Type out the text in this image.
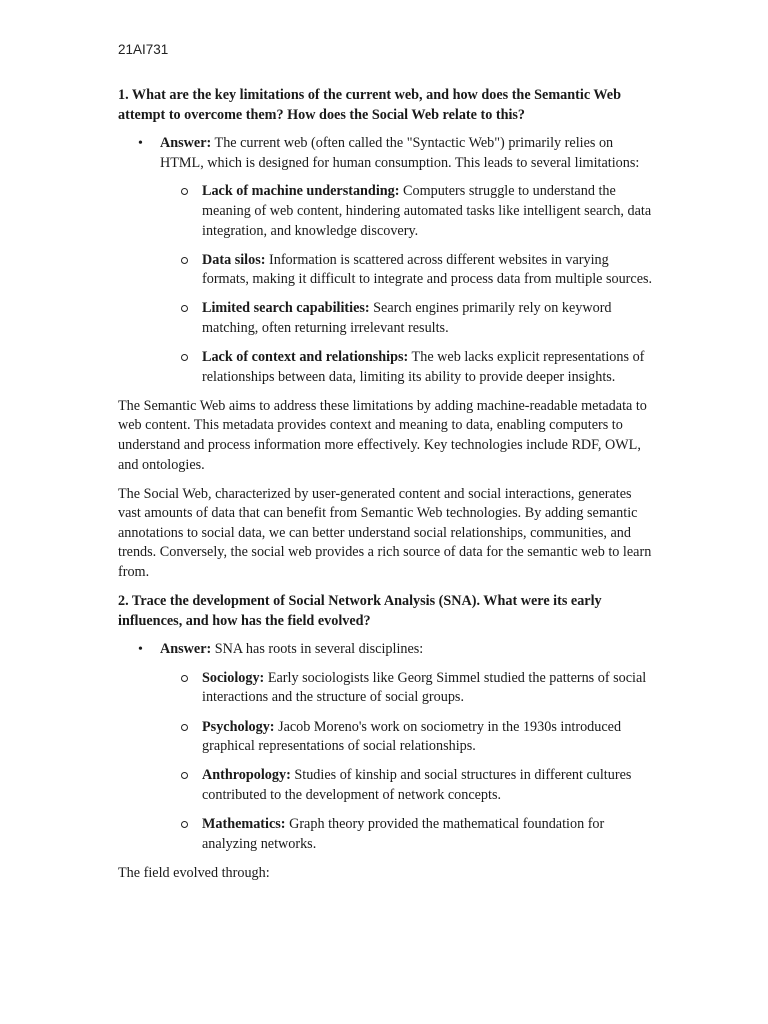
21AI731

1. What are the key limitations of the current web, and how does the Semantic Web attempt to overcome them? How does the Social Web relate to this?

• Answer: The current web (often called the "Syntactic Web") primarily relies on HTML, which is designed for human consumption. This leads to several limitations:
Lack of machine understanding: Computers struggle to understand the meaning of web content, hindering automated tasks like intelligent search, data integration, and knowledge discovery.
Data silos: Information is scattered across different websites in varying formats, making it difficult to integrate and process data from multiple sources.
Limited search capabilities: Search engines primarily rely on keyword matching, often returning irrelevant results.
Lack of context and relationships: The web lacks explicit representations of relationships between data, limiting its ability to provide deeper insights.

The Semantic Web aims to address these limitations by adding machine-readable metadata to web content. This metadata provides context and meaning to data, enabling computers to understand and process information more effectively. Key technologies include RDF, OWL, and ontologies.

The Social Web, characterized by user-generated content and social interactions, generates vast amounts of data that can benefit from Semantic Web technologies. By adding semantic annotations to social data, we can better understand social relationships, communities, and trends. Conversely, the social web provides a rich source of data for the semantic web to learn from.

2. Trace the development of Social Network Analysis (SNA). What were its early influences, and how has the field evolved?

• Answer: SNA has roots in several disciplines:
Sociology: Early sociologists like Georg Simmel studied the patterns of social interactions and the structure of social groups.
Psychology: Jacob Moreno's work on sociometry in the 1930s introduced graphical representations of social relationships.
Anthropology: Studies of kinship and social structures in different cultures contributed to the development of network concepts.
Mathematics: Graph theory provided the mathematical foundation for analyzing networks.

The field evolved through:
